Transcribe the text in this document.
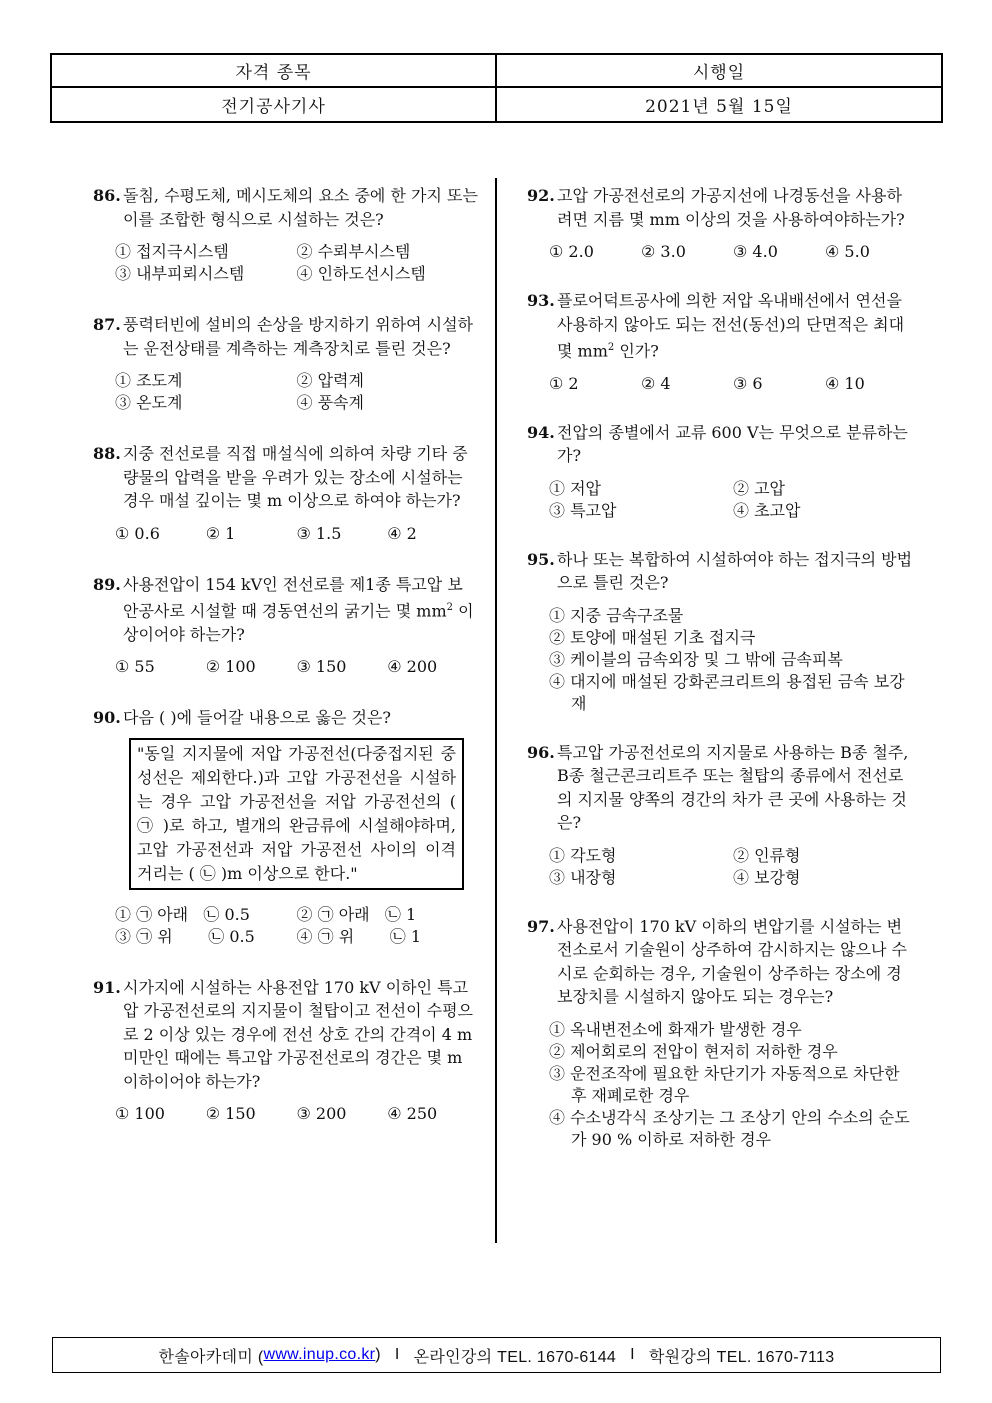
자격 종목	시행일
전기공사기사	2021년 5월 15일
86. 돌침, 수평도체, 메시도체의 요소 중에 한 가지 또는 이를 조합한 형식으로 시설하는 것은?
① 접지극시스템	② 수뢰부시스템
③ 내부피뢰시스템	④ 인하도선시스템
87. 풍력터빈에 설비의 손상을 방지하기 위하여 시설하는 운전상태를 계측하는 계측장치로 틀린 것은?
① 조도계	② 압력계
③ 온도계	④ 풍속계
88. 지중 전선로를 직접 매설식에 의하여 차량 기타 중량물의 압력을 받을 우려가 있는 장소에 시설하는 경우 매설 깊이는 몇 m 이상으로 하여야 하는가?
① 0.6	② 1	③ 1.5	④ 2
89. 사용전압이 154 kV인 전선로를 제1종 특고압 보안공사로 시설할 때 경동연선의 굵기는 몇 $mm^2$ 이상이어야 하는가?
① 55	② 100	③ 150	④ 200
90. 다음 ( )에 들어갈 내용으로 옳은 것은?
"동일 지지물에 저압 가공전선(다중접지된 중성선은 제외한다.)과 고압 가공전선을 시설하는 경우 고압 가공전선을 저압 가공전선의 ( ㉠ )로 하고, 별개의 완금류에 시설해야하며, 고압 가공전선과 저압 가공전선 사이의 이격거리는 ( ㉡ )m 이상으로 한다."
① ㉠ 아래 ㉡ 0.5	② ㉠ 아래 ㉡ 1
③ ㉠ 위 ㉡ 0.5	④ ㉠ 위 ㉡ 1
91. 시가지에 시설하는 사용전압 170 kV 이하인 특고압 가공전선로의 지지물이 철탑이고 전선이 수평으로 2 이상 있는 경우에 전선 상호 간의 간격이 4 m 미만인 때에는 특고압 가공전선로의 경간은 몇 m 이하이어야 하는가?
① 100	② 150	③ 200	④ 250
92. 고압 가공전선로의 가공지선에 나경동선을 사용하려면 지름 몇 mm 이상의 것을 사용하여야하는가?
① 2.0	② 3.0	③ 4.0	④ 5.0
93. 플로어덕트공사에 의한 저압 옥내배선에서 연선을 사용하지 않아도 되는 전선(동선)의 단면적은 최대 몇 $mm^2$ 인가?
① 2	② 4	③ 6	④ 10
94. 전압의 종별에서 교류 600 V는 무엇으로 분류하는가?
① 저압	② 고압
③ 특고압	④ 초고압
95. 하나 또는 복합하여 시설하여야 하는 접지극의 방법으로 틀린 것은?
① 지중 금속구조물
② 토양에 매설된 기초 접지극
③ 케이블의 금속외장 및 그 밖에 금속피복
④ 대지에 매설된 강화콘크리트의 용접된 금속 보강재
96. 특고압 가공전선로의 지지물로 사용하는 B종 철주, B종 철근콘크리트주 또는 철탑의 종류에서 전선로의 지지물 양쪽의 경간의 차가 큰 곳에 사용하는 것은?
① 각도형	② 인류형
③ 내장형	④ 보강형
97. 사용전압이 170 kV 이하의 변압기를 시설하는 변전소로서 기술원이 상주하여 감시하지는 않으나 수시로 순회하는 경우, 기술원이 상주하는 장소에 경보장치를 시설하지 않아도 되는 경우는?
① 옥내변전소에 화재가 발생한 경우
② 제어회로의 전압이 현저히 저하한 경우
③ 운전조작에 필요한 차단기가 자동적으로 차단한 후 재폐로한 경우
④ 수소냉각식 조상기는 그 조상기 안의 수소의 순도가 90 % 이하로 저하한 경우
한솔아카데미 ( www.inup.co.kr ) I 온라인강의 TEL. 1670-6144 I 학원강의 TEL. 1670-7113
